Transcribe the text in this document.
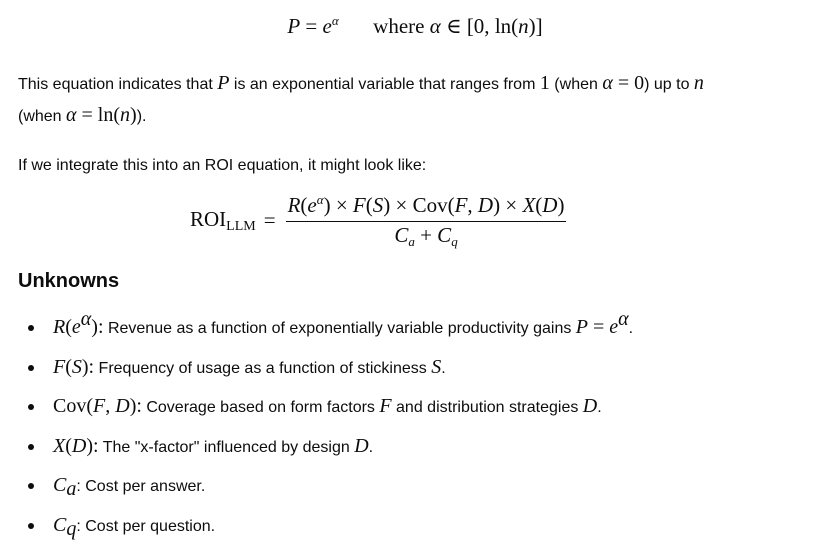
$P = e^\alpha$ where α ∈ [0, ln(n)]

This equation indicates that P is an exponential variable that ranges from 1 (when α = 0) up to n
(when α = ln(n)).

If we integrate this into an ROI equation, it might look like:

ROILLM = $\frac{R(e^\alpha) \times F(S) \times Cov(F, D) \times X(D)}{C_a + C_q}$
Unknowns
$R(e^\alpha)$: Revenue as a function of exponentially variable productivity gains $P = e^\alpha$.
F(S): Frequency of usage as a function of stickiness S.
Cov(F, D): Coverage based on form factors F and distribution strategies D.
X(D): The "x-factor" influenced by design D.
$C_a$: Cost per answer.
$C_q$: Cost per question.
